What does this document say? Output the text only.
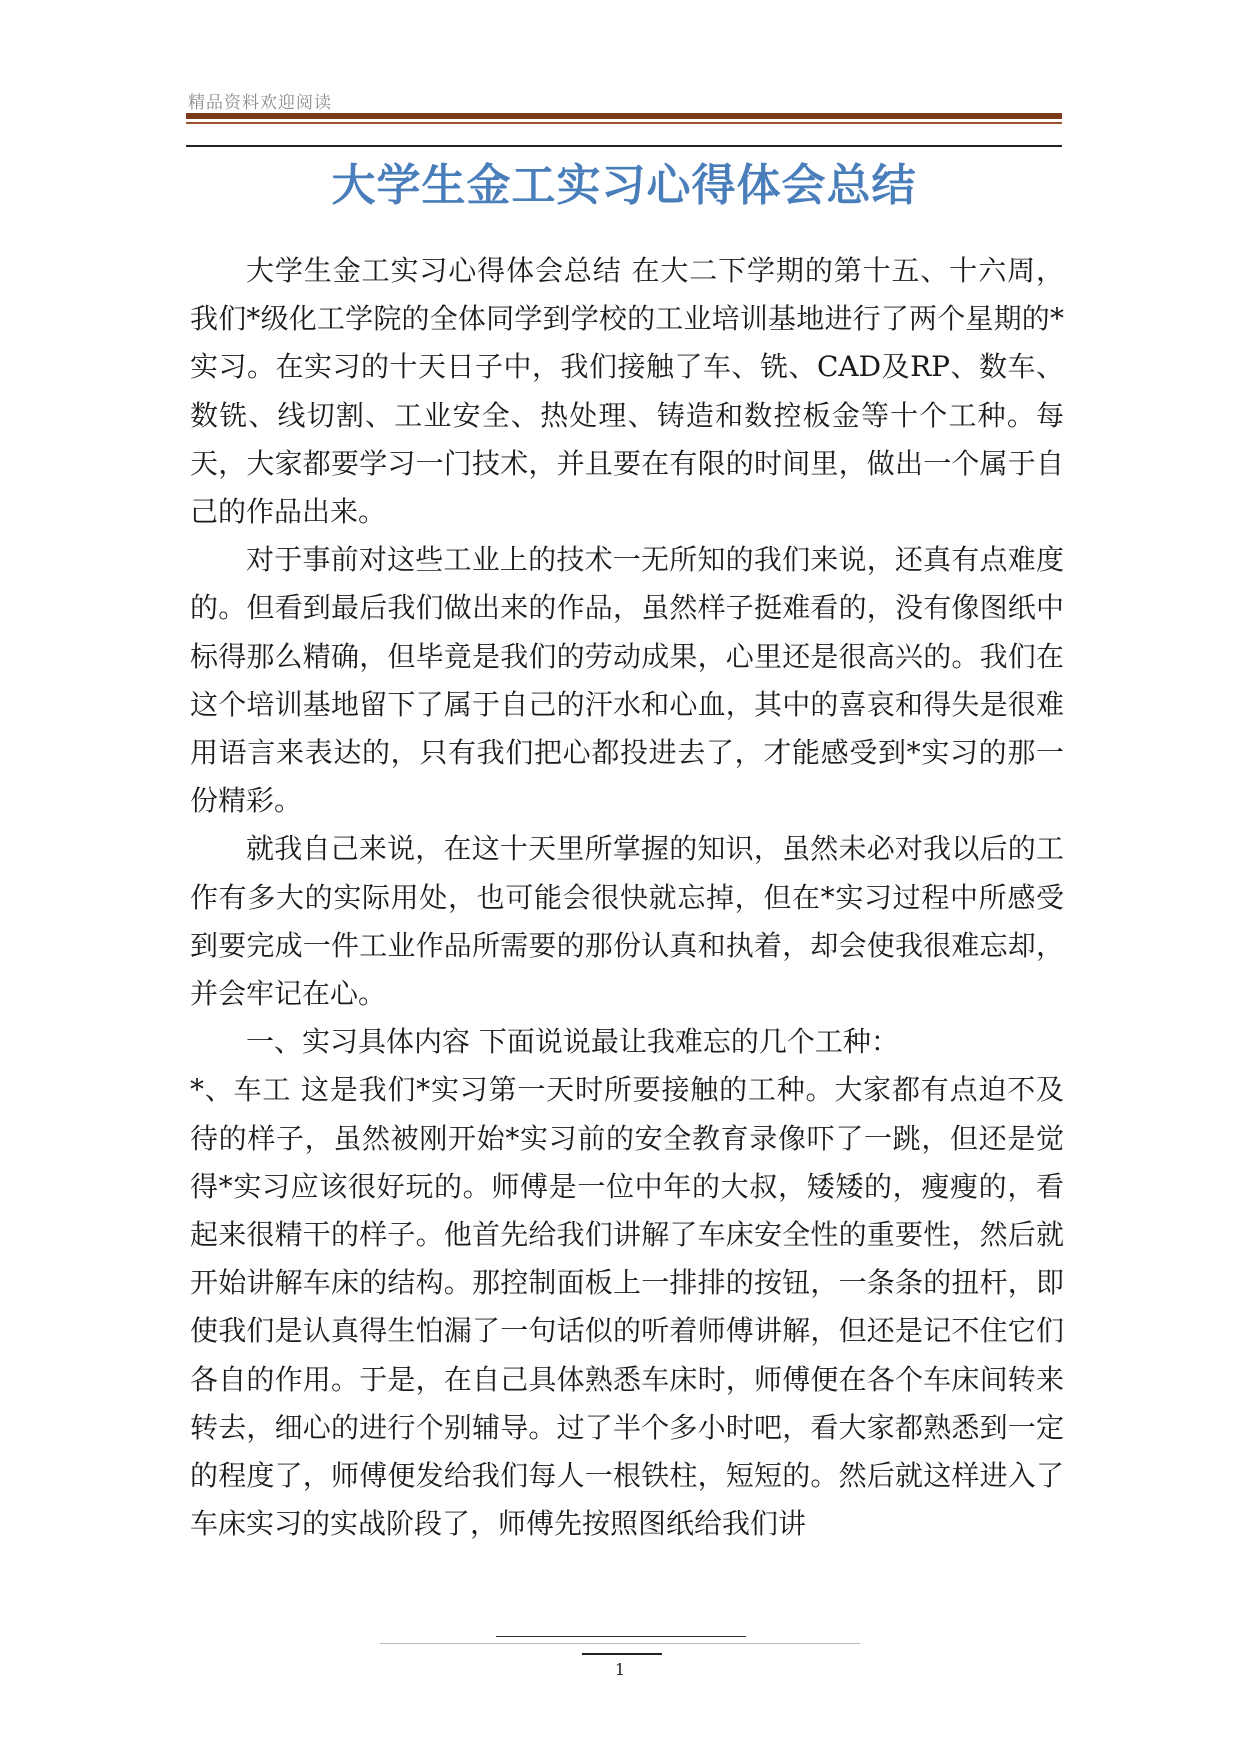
精品资料欢迎阅读
大学生金工实习心得体会总结

大学生金工实习心得体会总结 在大二下学期的第十五、十六周，我们*级化工学院的全体同学到学校的工业培训基地进行了两个星期的*实习。在实习的十天日子中，我们接触了车、铣、CAD及RP、数车、数铣、线切割、工业安全、热处理、铸造和数控板金等十个工种。每天，大家都要学习一门技术，并且要在有限的时间里，做出一个属于自己的作品出来。

对于事前对这些工业上的技术一无所知的我们来说，还真有点难度的。但看到最后我们做出来的作品，虽然样子挺难看的，没有像图纸中标得那么精确，但毕竟是我们的劳动成果，心里还是很高兴的。我们在这个培训基地留下了属于自己的汗水和心血，其中的喜哀和得失是很难用语言来表达的，只有我们把心都投进去了，才能感受到*实习的那一份精彩。

就我自己来说，在这十天里所掌握的知识，虽然未必对我以后的工作有多大的实际用处，也可能会很快就忘掉，但在*实习过程中所感受到要完成一件工业作品所需要的那份认真和执着，却会使我很难忘却，并会牢记在心。

一、实习具体内容 下面说说最让我难忘的几个工种：

*、车工 这是我们*实习第一天时所要接触的工种。大家都有点迫不及待的样子，虽然被刚开始*实习前的安全教育录像吓了一跳，但还是觉得*实习应该很好玩的。师傅是一位中年的大叔，矮矮的，瘦瘦的，看起来很精干的样子。他首先给我们讲解了车床安全性的重要性，然后就开始讲解车床的结构。那控制面板上一排排的按钮，一条条的扭杆，即使我们是认真得生怕漏了一句话似的听着师傅讲解，但还是记不住它们各自的作用。于是，在自己具体熟悉车床时，师傅便在各个车床间转来转去，细心的进行个别辅导。过了半个多小时吧，看大家都熟悉到一定的程度了，师傅便发给我们每人一根铁柱，短短的。然后就这样进入了车床实习的实战阶段了，师傅先按照图纸给我们讲

1
